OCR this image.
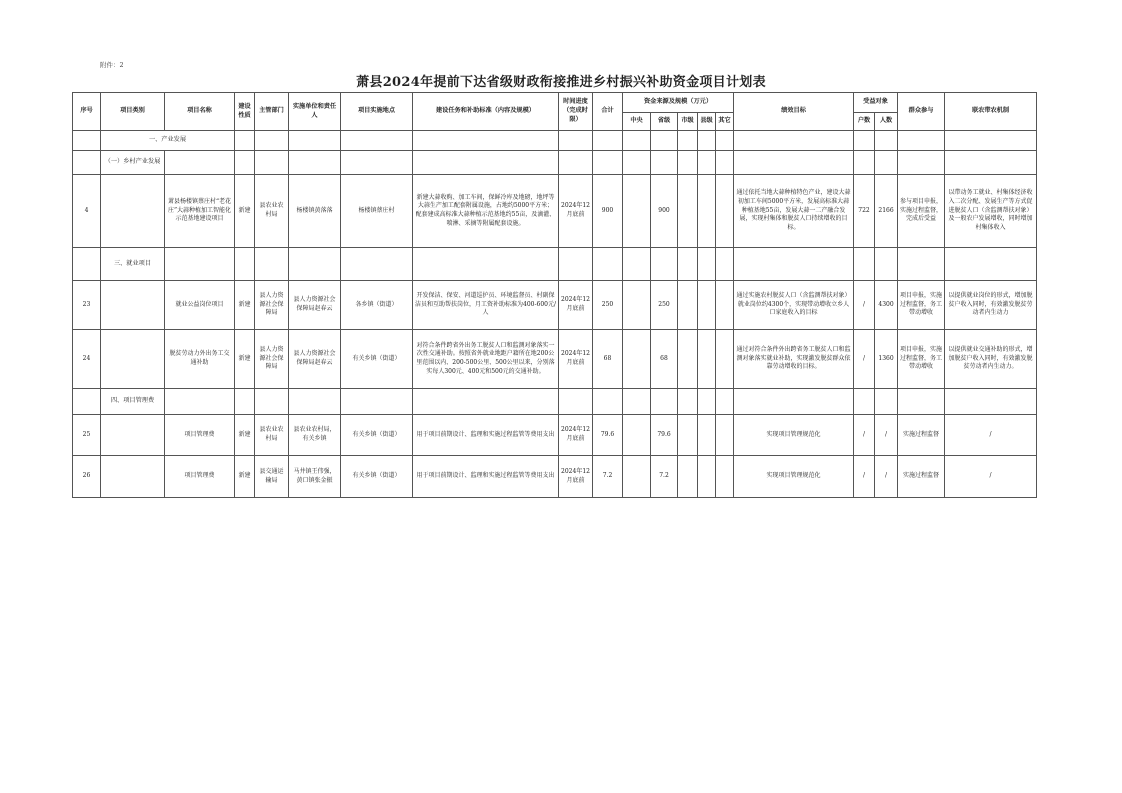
附件：2
萧县2024年提前下达省级财政衔接推进乡村振兴补助资金项目计划表
序号	项目类别	项目名称	建设性质	主管部门	实施单位和责任人	项目实施地点	建设任务和补助标准（内容及规模）	时间进度（完成时限）	合计	资金来源及规模（万元）					绩效目标	受益对象		群众参与	联农带农机制
										中央	省级	市级	县级	其它		户数	人数		
	一、产业发展																		
	（一）乡村产业发展																		
4		萧县杨楼镇蔡庄村“老花庄”大蒜种植加工智能化示范基地建设项目	新建	县农业农村局	杨楼镇黄落落	杨楼镇蔡庄村	新建大蒜收购、加工车间，保鲜冷库及地磅，地坪等大蒜生产加工配套附属设施，占地约5000平方米；配套建成高标准大蒜种植示范基地约55亩，及滴灌、喷淋、采摘等附属配套设施。	2024年12月底前	900		900				通过依托当地大蒜种植特色产业，建设大蒜初加工车间5000平方米，发展高标准大蒜种植基地55亩，发展大蒜一二产融合发展，实现村集体和脱贫人口持续增收的目标。	722	2166	参与项目申报，实施过程监督，完成后受益	以带动务工就业、村集体经济收入二次分配、发展生产等方式促进脱贫人口（含监测帮扶对象）及一般农户发展增收，同时增加村集体收入
	三、就业项目																		
23		就业公益岗位项目	新建	县人力资源社会保障局	县人力资源社会保障局赵春云	各乡镇（街道）	开发保洁、保安、河道巡护员、环境监督员、村副保洁员和互助帮扶岗位，月工资补助标准为400-600元/人	2024年12月底前	250		250				通过实施农村脱贫人口（含监测帮扶对象）就业岗位约4300个，实现带动增收立乡人口家庭收入的目标	/	4300	项目申报，实施过程监督，务工带动增收	以提供就业岗位的形式，增加脱贫户收入同时，有效激发脱贫劳动者内生动力
24		脱贫劳动力外出务工交通补助	新建	县人力资源社会保障局	县人力资源社会保障局赵春云	有关乡镇（街道）	对符合条件跨省外出务工脱贫人口和监测对象落实一次性交通补助。按照省外就业地距户籍所在地200公里范围以内、200-500公里、500公里以来，分别落实每人300元、400元和500元的交通补助。	2024年12月底前	68		68				通过对符合条件外出跨省务工脱贫人口和监测对象落实就业补助，实现激发脱贫群众依靠劳动增收的目标。	/	1360	项目申报，实施过程监督，务工带动增收	以提供就业交通补助的形式，增加脱贫户收入同时，有效激发脱贫劳动者内生动力。
	四、项目管理费																		
25		项目管理费	新建	县农业农村局	县农业农村局，有关乡镇	有关乡镇（街道）	用于项目前期设计、监理和实施过程监管等费用支出	2024年12月底前	79.6		79.6				实现项目管理规范化	/	/	实施过程监督	/
26		项目管理费	新建	县交通运输局	马井镇王伟强，黄口镇张金振	有关乡镇（街道）	用于项目前期设计、监理和实施过程监管等费用支出	2024年12月底前	7.2		7.2				实现项目管理规范化	/	/	实施过程监督	/
